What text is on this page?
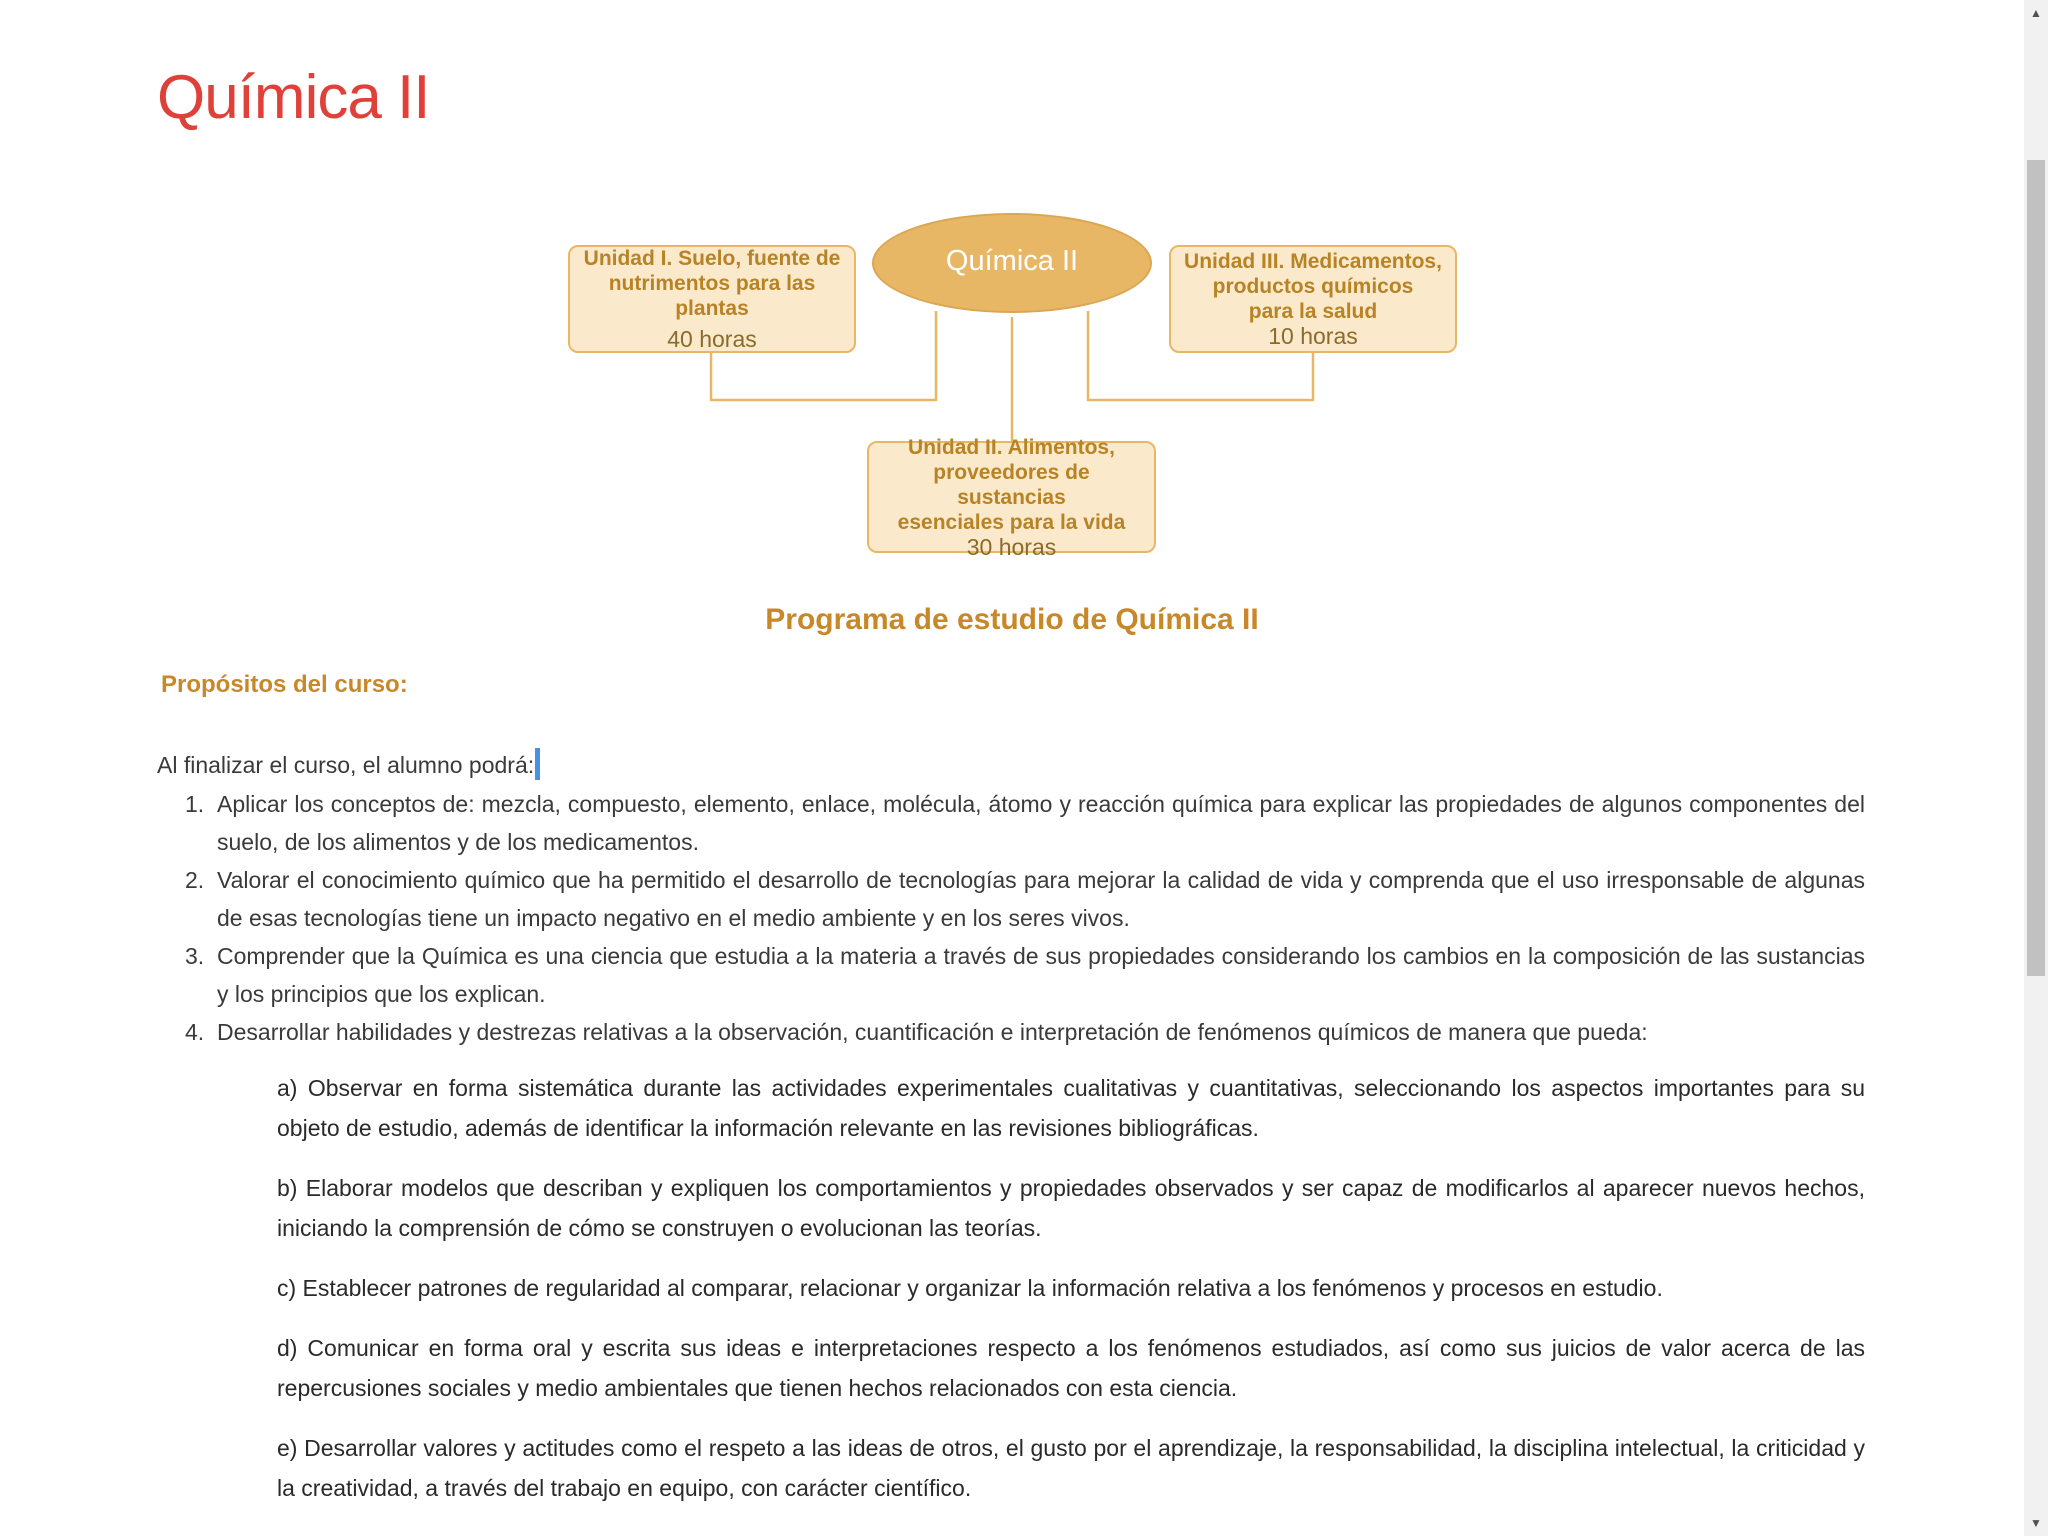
Química II
Química II
Unidad I. Suelo, fuente de
nutrimentos para las plantas
40 horas
Unidad III. Medicamentos,
productos químicos
para la salud
10 horas
Unidad II. Alimentos,
proveedores de sustancias
esenciales para la vida
30 horas
Programa de estudio de Química II
Propósitos del curso:
Al finalizar el curso, el alumno podrá:
1. Aplicar los conceptos de: mezcla, compuesto, elemento, enlace, molécula, átomo y reacción química para explicar las propiedades de algunos componentes del suelo, de los alimentos y de los medicamentos.
2. Valorar el conocimiento químico que ha permitido el desarrollo de tecnologías para mejorar la calidad de vida y comprenda que el uso irresponsable de algunas de esas tecnologías tiene un impacto negativo en el medio ambiente y en los seres vivos.
3. Comprender que la Química es una ciencia que estudia a la materia a través de sus propiedades considerando los cambios en la composición de las sustancias y los principios que los explican.
4. Desarrollar habilidades y destrezas relativas a la observación, cuantificación e interpretación de fenómenos químicos de manera que pueda:

a) Observar en forma sistemática durante las actividades experimentales cualitativas y cuantitativas, seleccionando los aspectos importantes para su objeto de estudio, además de identificar la información relevante en las revisiones bibliográficas.

b) Elaborar modelos que describan y expliquen los comportamientos y propiedades observados y ser capaz de modificarlos al aparecer nuevos hechos, iniciando la comprensión de cómo se construyen o evolucionan las teorías.

c) Establecer patrones de regularidad al comparar, relacionar y organizar la información relativa a los fenómenos y procesos en estudio.

d) Comunicar en forma oral y escrita sus ideas e interpretaciones respecto a los fenómenos estudiados, así como sus juicios de valor acerca de las repercusiones sociales y medio ambientales que tienen hechos relacionados con esta ciencia.

e) Desarrollar valores y actitudes como el respeto a las ideas de otros, el gusto por el aprendizaje, la responsabilidad, la disciplina intelectual, la criticidad y la creatividad, a través del trabajo en equipo, con carácter científico.

▲
▼
